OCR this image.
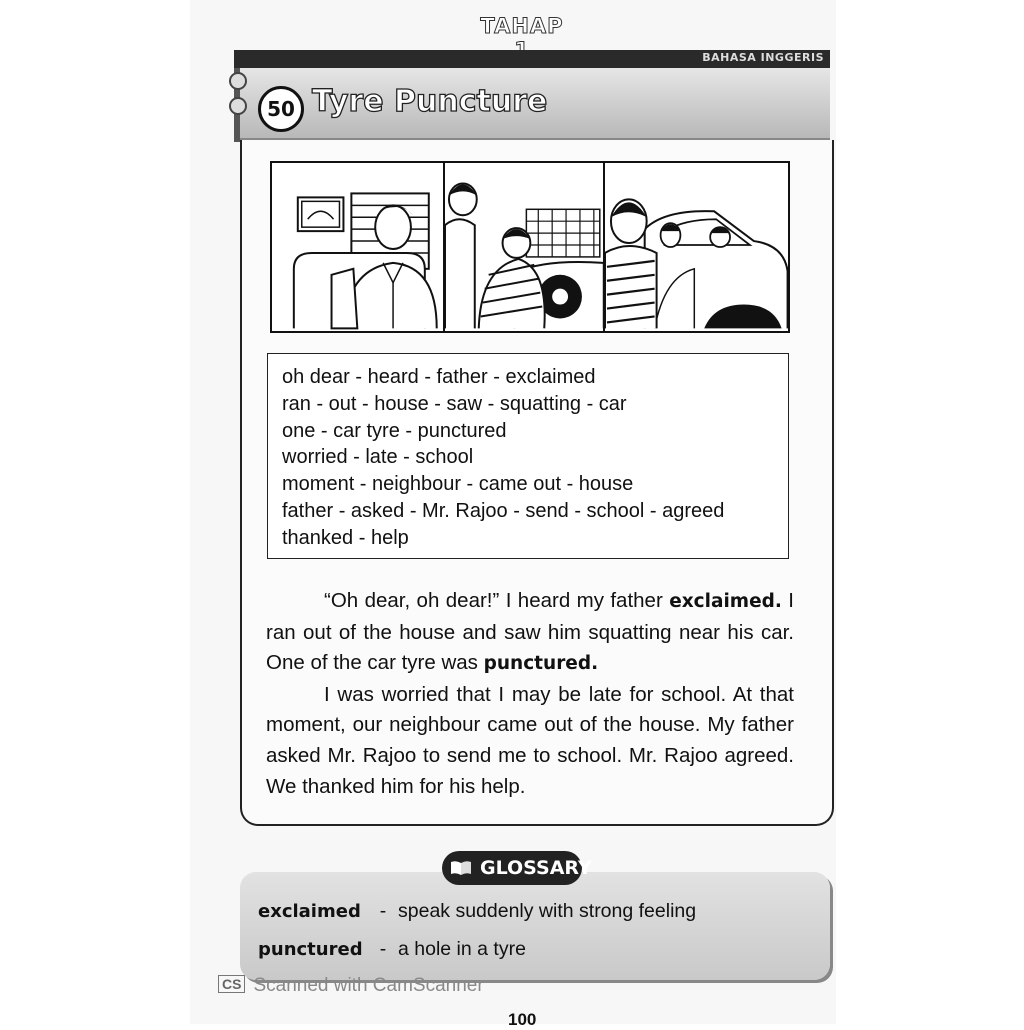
TAHAP
BAHASA INGGERIS
50 Tyre Puncture
oh dear - heard - father - exclaimed
ran - out - house - saw - squatting - car
one - car tyre - punctured
worried - late - school
moment - neighbour - came out - house
father - asked - Mr. Rajoo - send - school - agreed
thanked - help

“Oh dear, oh dear!” I heard my father exclaimed. I ran out of the house and saw him squatting near his car. One of the car tyre was punctured.

I was worried that I may be late for school. At that moment, our neighbour came out of the house. My father asked Mr. Rajoo to send me to school. Mr. Rajoo agreed. We thanked him for his help.

GLOSSARY
exclaimed - speak suddenly with strong feeling
punctured - a hole in a tyre
CS Scanned with CamScanner
100
